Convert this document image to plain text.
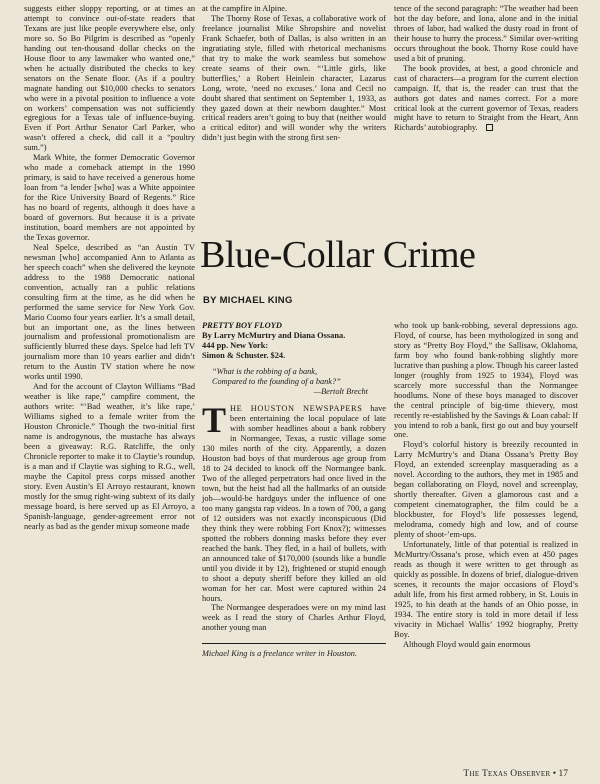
suggests either sloppy reporting, or at times an attempt to convince out-of-state readers that Texans are just like people everywhere else, only more so. So Bo Pilgrim is described as “openly handing out ten-thousand dollar checks on the House floor to any lawmaker who wanted one,” when he actually distributed the checks to key senators on the Senate floor. (As if a poultry magnate handing out $10,000 checks to senators who were in a pivotal position to influence a vote on workers’ compensation was not sufficiently egregious for a Texas tale of influence-buying. Even if Port Arthur Senator Carl Parker, who wasn’t offered a check, did call it a “poultry sum.”)

Mark White, the former Democratic Governor who made a comeback attempt in the 1990 primary, is said to have received a generous home loan from “a lender [who] was a White appointee for the Rice University Board of Regents.” Rice has no board of regents, although it does have a board of governors. But because it is a private institution, board members are not appointed by the Texas governor.

Neal Spelce, described as “an Austin TV newsman [who] accompanied Ann to Atlanta as her speech coach” when she delivered the keynote address to the 1988 Democratic national convention, actually ran a public relations consulting firm at the time, as he did when he performed the same service for New York Gov. Mario Cuomo four years earlier. It’s a small detail, but an important one, as the lines between journalism and professional promotionalism are sufficiently blurred these days. Spelce had left TV journalism more than 10 years earlier and didn’t return to the Austin TV station where he now works until 1990.

And for the account of Clayton Williams “Bad weather is like rape,” campfire comment, the authors write: “‘Bad weather, it’s like rape,’ Williams sighed to a female writer from the Houston Chronicle.” Though the two-initial first name is androgynous, the mustache has always been a giveaway: R.G. Ratcliffe, the only Chronicle reporter to make it to Claytie’s roundup, is a man and if Claytie was sighing to R.G., well, maybe the Capitol press corps missed another story. Even Austin’s El Arroyo restaurant, known mostly for the smug right-wing subtext of its daily message board, is here served up as El Arroyo, a Spanish-language, gender-agreement error not nearly as bad as the gender mixup someone made

at the campfire in Alpine.

The Thorny Rose of Texas, a collaborative work of freelance journalist Mike Shropshire and novelist Frank Schaefer, both of Dallas, is also written in an ingratiating style, filled with rhetorical mechanisms that try to make the work seamless but somehow create seams of their own. “‘Little girls, like butterflies,’ a Robert Heinlein character, Lazarus Long, wrote, ‘need no excuses.’ Iona and Cecil no doubt shared that sentiment on September 1, 1933, as they gazed down at their newborn daughter.” Most critical readers aren’t going to buy that (neither would a critical editor) and will wonder why the writers didn’t just begin with the strong first sen-

tence of the second paragraph: “The weather had been hot the day before, and Iona, alone and in the initial throes of labor, had walked the dusty road in front of their house to hurry the process.” Similar over-writing occurs throughout the book. Thorny Rose could have used a bit of pruning.

The book provides, at best, a good chronicle and cast of characters—a program for the current election campaign. If, that is, the reader can trust that the authors got dates and names correct. For a more critical look at the current governor of Texas, readers might have to return to Straight from the Heart, Ann Richards’ autobiography.

Blue-Collar Crime
BY MICHAEL KING
PRETTY BOY FLOYD
By Larry McMurtry and Diana Ossana.
444 pp. New York:
Simon & Schuster. $24.
“What is the robbing of a bank,
Compared to the founding of a bank?”
—Bertolt Brecht

THE HOUSTON NEWSPAPERS have been entertaining the local populace of late with somber headlines about a bank robbery in Normangee, Texas, a rustic village some 130 miles north of the city. Apparently, a dozen Houston bad boys of that murderous age group from 18 to 24 decided to knock off the Normangee bank. Two of the alleged perpetrators had once lived in the town, but the heist had all the hallmarks of an outside job—would-be hardguys under the influence of one too many gangsta rap videos. In a town of 700, a gang of 12 outsiders was not exactly inconspicuous (Did they think they were robbing Fort Knox?); witnesses spotted the robbers donning masks before they ever reached the bank. They fled, in a hail of bullets, with an announced take of $170,000 (sounds like a bundle until you divide it by 12), frightened or stupid enough to shoot a deputy sheriff before they killed an old woman for her car. Most were captured within 24 hours.

The Normangee desperadoes were on my mind last week as I read the story of Charles Arthur Floyd, another young man

Michael King is a freelance writer in Houston.

who took up bank-robbing, several depressions ago. Floyd, of course, has been mythologized in song and story as “Pretty Boy Floyd,” the Sallisaw, Oklahoma, farm boy who found bank-robbing slightly more lucrative than pushing a plow. Though his career lasted longer (roughly from 1925 to 1934), Floyd was scarcely more successful than the Normangee hoodlums. None of these boys managed to discover the central principle of big-time thievery, most recently re-established by the Savings & Loan cabal: If you intend to rob a bank, first go out and buy yourself one.

Floyd’s colorful history is breezily recounted in Larry McMurtry’s and Diana Ossana’s Pretty Boy Floyd, an extended screenplay masquerading as a novel. According to the authors, they met in 1985 and began collaborating on Floyd, novel and screenplay, shortly thereafter. Given a glamorous cast and a competent cinematographer, the film could be a blockbuster, for Floyd’s life possesses legend, melodrama, comedy high and low, and of course plenty of shoot-’em-ups.

Unfortunately, little of that potential is realized in McMurtry/Ossana’s prose, which even at 450 pages reads as though it were written to get through as quickly as possible. In dozens of brief, dialogue-driven scenes, it recounts the major occasions of Floyd’s adult life, from his first armed robbery, in St. Louis in 1925, to his death at the hands of an Ohio posse, in 1934. The entire story is told in more detail if less vivacity in Michael Wallis’ 1992 biography, Pretty Boy.

Although Floyd would gain enormous

The Texas Observer • 17
